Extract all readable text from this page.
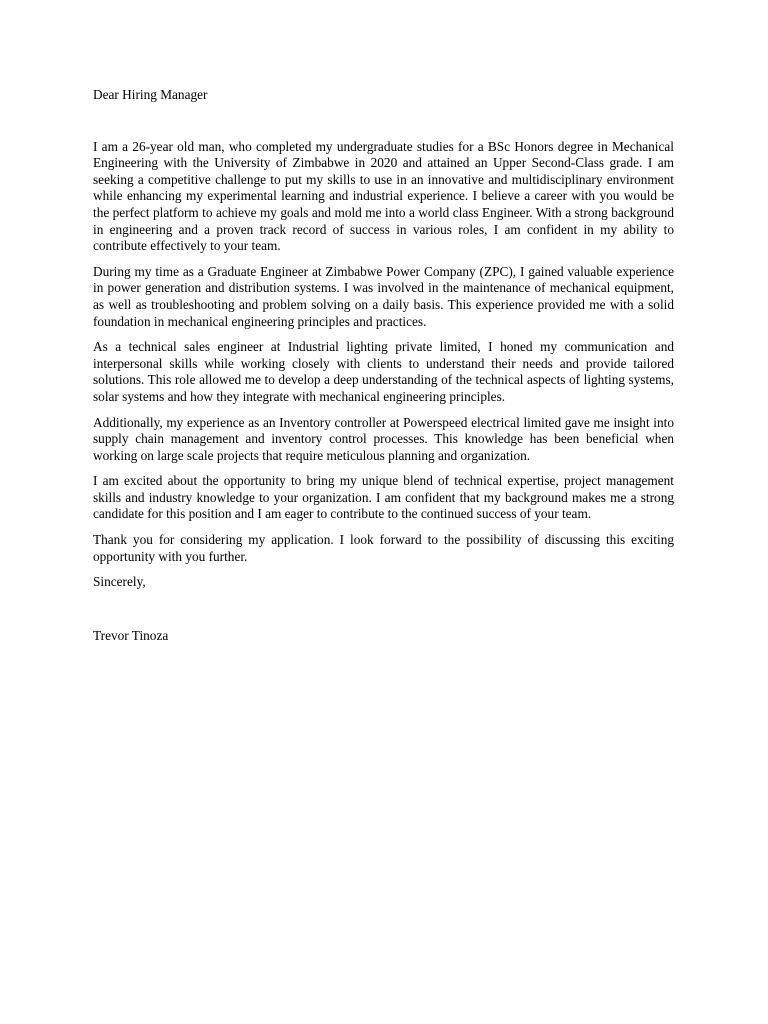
Dear Hiring Manager

I am a 26-year old man, who completed my undergraduate studies for a BSc Honors degree in Mechanical Engineering with the University of Zimbabwe in 2020 and attained an Upper Second-Class grade. I am seeking a competitive challenge to put my skills to use in an innovative and multidisciplinary environment while enhancing my experimental learning and industrial experience. I believe a career with you would be the perfect platform to achieve my goals and mold me into a world class Engineer. With a strong background in engineering and a proven track record of success in various roles, I am confident in my ability to contribute effectively to your team.

During my time as a Graduate Engineer at Zimbabwe Power Company (ZPC), I gained valuable experience in power generation and distribution systems. I was involved in the maintenance of mechanical equipment, as well as troubleshooting and problem solving on a daily basis. This experience provided me with a solid foundation in mechanical engineering principles and practices.

As a technical sales engineer at Industrial lighting private limited, I honed my communication and interpersonal skills while working closely with clients to understand their needs and provide tailored solutions. This role allowed me to develop a deep understanding of the technical aspects of lighting systems, solar systems and how they integrate with mechanical engineering principles.

Additionally, my experience as an Inventory controller at Powerspeed electrical limited gave me insight into supply chain management and inventory control processes. This knowledge has been beneficial when working on large scale projects that require meticulous planning and organization.

I am excited about the opportunity to bring my unique blend of technical expertise, project management skills and industry knowledge to your organization. I am confident that my background makes me a strong candidate for this position and I am eager to contribute to the continued success of your team.

Thank you for considering my application. I look forward to the possibility of discussing this exciting opportunity with you further.

Sincerely,

Trevor Tinoza
